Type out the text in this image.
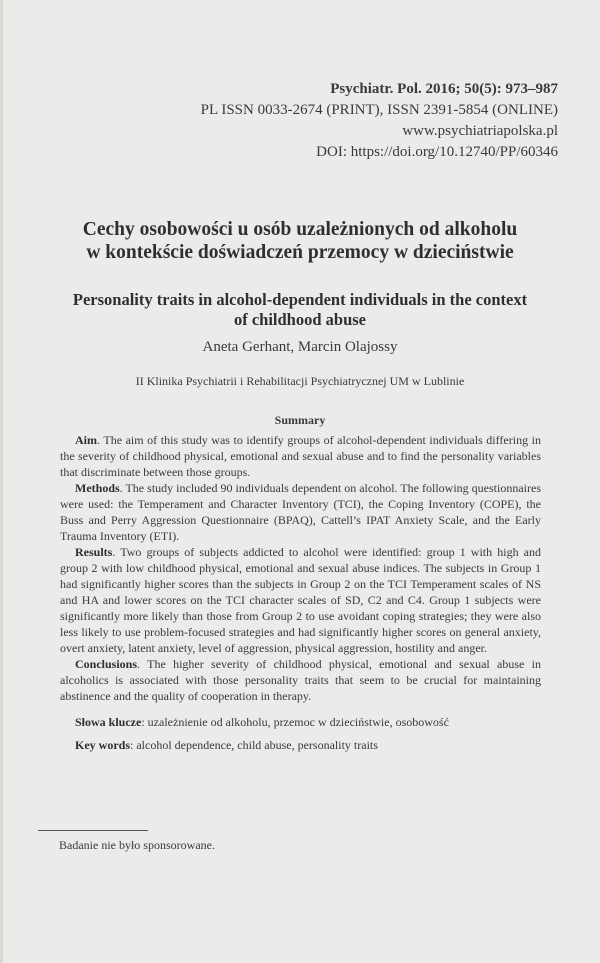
Psychiatr. Pol. 2016; 50(5): 973–987
PL ISSN 0033-2674 (PRINT), ISSN 2391-5854 (ONLINE)
www.psychiatriapolska.pl
DOI: https://doi.org/10.12740/PP/60346
Cechy osobowości u osób uzależnionych od alkoholu
w kontekście doświadczeń przemocy w dzieciństwie
Personality traits in alcohol-dependent individuals in the context
of childhood abuse
Aneta Gerhant, Marcin Olajossy
II Klinika Psychiatrii i Rehabilitacji Psychiatrycznej UM w Lublinie
Summary

Aim. The aim of this study was to identify groups of alcohol-dependent individuals differing in the severity of childhood physical, emotional and sexual abuse and to find the personality variables that discriminate between those groups.

Methods. The study included 90 individuals dependent on alcohol. The following questionnaires were used: the Temperament and Character Inventory (TCI), the Coping Inventory (COPE), the Buss and Perry Aggression Questionnaire (BPAQ), Cattell’s IPAT Anxiety Scale, and the Early Trauma Inventory (ETI).

Results. Two groups of subjects addicted to alcohol were identified: group 1 with high and group 2 with low childhood physical, emotional and sexual abuse indices. The subjects in Group 1 had significantly higher scores than the subjects in Group 2 on the TCI Temperament scales of NS and HA and lower scores on the TCI character scales of SD, C2 and C4. Group 1 subjects were significantly more likely than those from Group 2 to use avoidant coping strategies; they were also less likely to use problem-focused strategies and had significantly higher scores on general anxiety, overt anxiety, latent anxiety, level of aggression, physical aggression, hostility and anger.

Conclusions. The higher severity of childhood physical, emotional and sexual abuse in alcoholics is associated with those personality traits that seem to be crucial for maintaining abstinence and the quality of cooperation in therapy.

Słowa klucze: uzależnienie od alkoholu, przemoc w dzieciństwie, osobowość
Key words: alcohol dependence, child abuse, personality traits
Badanie nie było sponsorowane.
